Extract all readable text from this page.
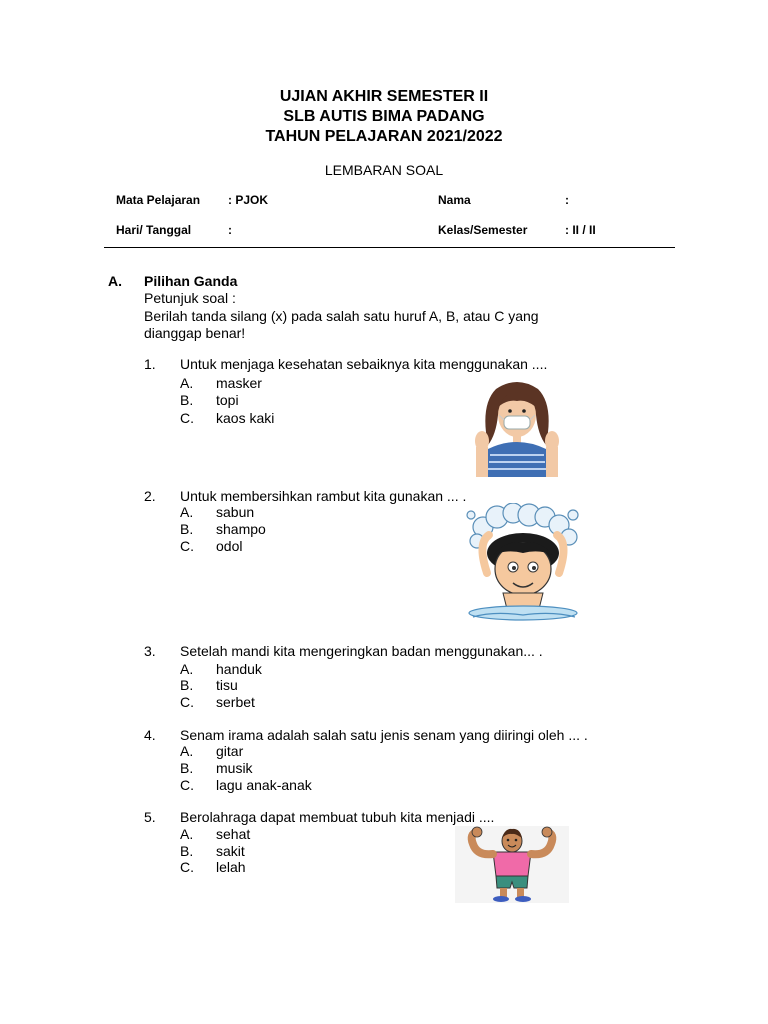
UJIAN AKHIR SEMESTER II
SLB AUTIS BIMA PADANG
TAHUN PELAJARAN 2021/2022
LEMBARAN SOAL
Mata Pelajaran : PJOK	Nama	:
Hari/ Tanggal	:	Kelas/Semester	: II / II
A. Pilihan Ganda
Petunjuk soal :
Berilah tanda silang (x) pada salah satu huruf A, B, atau C yang
dianggap benar!
1. Untuk menjaga kesehatan sebaiknya kita menggunakan ....
A. masker
B. topi
C. kaos kaki
2. Untuk membersihkan rambut kita gunakan ... .
A. sabun
B. shampo
C. odol
3. Setelah mandi kita mengeringkan badan menggunakan... .
A. handuk
B. tisu
C. serbet
4. Senam irama adalah salah satu jenis senam yang diiringi oleh ... .
A. gitar
B. musik
C. lagu anak-anak
5. Berolahraga dapat membuat tubuh kita menjadi ....
A. sehat
B. sakit
C. lelah
